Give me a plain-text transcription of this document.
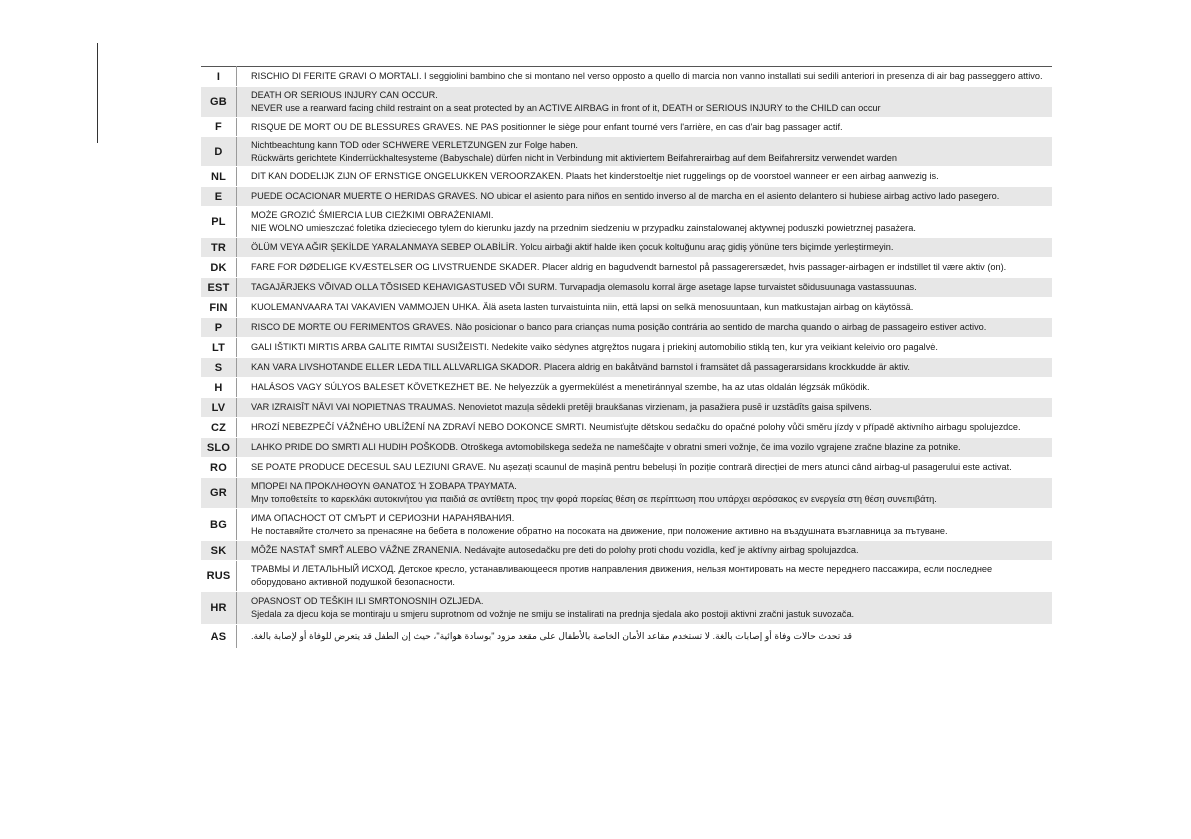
I	RISCHIO DI FERITE GRAVI O MORTALI. I seggiolini bambino che si montano nel verso opposto a quello di marcia non vanno installati sui sedili anteriori in presenza di air bag passeggero attivo.

GB	DEATH OR SERIOUS INJURY CAN OCCUR.
NEVER use a rearward facing child restraint on a seat protected by an ACTIVE AIRBAG in front of it, DEATH or SERIOUS INJURY to the CHILD can occur

F	RISQUE DE MORT OU DE BLESSURES GRAVES. NE PAS positionner le siège pour enfant tourné vers l'arrière, en cas d'air bag passager actif.

D	Nichtbeachtung kann TOD oder SCHWERE VERLETZUNGEN zur Folge haben.
Rückwärts gerichtete Kinderrückhaltesysteme (Babyschale) dürfen nicht in Verbindung mit aktiviertem Beifahrerairbag auf dem Beifahrersitz verwendet warden

NL	DIT KAN DODELIJK ZIJN OF ERNSTIGE ONGELUKKEN VEROORZAKEN. Plaats het kinderstoeltje niet ruggelings op de voorstoel wanneer er een airbag aanwezig is.

E	PUEDE OCACIONAR MUERTE O HERIDAS GRAVES. NO ubicar el asiento para niños en sentido inverso al de marcha en el asiento delantero si hubiese airbag activo lado pasegero.

PL	MOŻE GROZIĆ ŚMIERCIA LUB CIEŻKIMI OBRAŻENIAMI.
NIE WOLNO umieszczać foletika dzieciecego tylem do kierunku jazdy na przednim siedzeniu w przypadku zainstalowanej aktywnej poduszki powietrznej pasażera.

TR	ÖLÜM VEYA AĞIR ŞEKİLDE YARALANMAYA SEBEP OLABİLİR. Yolcu airbaği aktif halde iken çocuk koltuğunu araç gidiş yönüne ters biçimde yerleştirmeyin.

DK	FARE FOR DØDELIGE KVÆSTELSER OG LIVSTRUENDE SKADER. Placer aldrig en bagudvendt barnestol på passagerersædet, hvis passager-airbagen er indstillet til være aktiv (on).

EST	TAGAJÄRJEKS VÕIVAD OLLA TÕSISED KEHAVIGASTUSED VÕI SURM. Turvapadja olemasolu korral ärge asetage lapse turvaistet sõidusuunaga vastassuunas.

FIN	KUOLEMANVAARA TAI VAKAVIEN VAMMOJEN UHKA. Älä aseta lasten turvaistuinta niin, että lapsi on selkä menosuuntaan, kun matkustajan airbag on käytössä.

P	RISCO DE MORTE OU FERIMENTOS GRAVES. Não posicionar o banco para crianças numa posição contrária ao sentido de marcha quando o airbag de passageiro estiver activo.

LT	GALI IŠTIKTI MIRTIS ARBA GALITE RIMTAI SUSIŽEISTI. Nedekite vaiko sėdynes atgręžtos nugara į priekinį automobilio stiklą ten, kur yra veikiant keleivio oro pagalvė.

S	KAN VARA LIVSHOTANDE ELLER LEDA TILL ALLVARLIGA SKADOR. Placera aldrig en bakåtvänd barnstol i framsätet då passagerarsidans krockkudde är aktiv.

H	HALÁSOS VAGY SÚLYOS BALESET KÖVETKEZHET BE. Ne helyezzük a gyermekülést a menetiránnyal szembe, ha az utas oldalán légzsák működik.

LV	VAR IZRAISĪT NĀVI VAI NOPIETNAS TRAUMAS. Nenovietot mazuļa sēdekli pretēji braukšanas virzienam, ja pasažiera pusē ir uzstādīts gaisa spilvens.

CZ	HROZÍ NEBEZPEČÍ VÁŽNÉHO UBLÍŽENÍ NA ZDRAVÍ NEBO DOKONCE SMRTI. Neumisťujte dětskou sedačku do opačné polohy vůči směru jízdy v případě aktivního airbagu spolujezdce.

SLO	LAHKO PRIDE DO SMRTI ALI HUDIH POŠKODB. Otroškega avtomobilskega sedeža ne nameščajte v obratni smeri vožnje, če ima vozilo vgrajene zračne blazine za potnike.

RO	SE POATE PRODUCE DECESUL SAU LEZIUNI GRAVE. Nu așezați scaunul de mașină pentru bebeluși în poziție contrară direcției de mers atunci când airbag-ul pasagerului este activat.

GR	ΜΠΟΡΕΙ ΝΑ ΠΡΟΚΛΗΘΟΥΝ ΘΑΝΑΤΟΣ Ή ΣΟΒΑΡΑ ΤΡΑΥΜΑΤΑ.
Μην τοποθετείτε το καρεκλάκι αυτοκινήτου για παιδιά σε αντίθετη προς την φορά πορείας θέση σε περίπτωση που υπάρχει αερόσακος εν ενεργεία στη θέση συνεπιβάτη.

BG	ИМА ОПАСНОСТ ОТ СМЪРТ И СЕРИОЗНИ НАРАНЯВАНИЯ.
Не поставяйте столчето за пренасяне на бебета в положение обратно на посоката на движение, при положение активно на въздушната възглавница за пътуване.

SK	MÔŽE NASTAŤ SMRŤ ALEBO VÁŽNE ZRANENIA. Nedávajte autosedačku pre deti do polohy proti chodu vozidla, keď je aktívny airbag spolujazdca.

RUS	ТРАВМЫ И ЛЕТАЛЬНЫЙ ИСХОД. Детское кресло, устанавливающееся против направления движения, нельзя монтировать на месте переднего пассажира, если последнее
оборудовано активной подушкой безопасности.

HR	OPASNOST OD TEŠKIH ILI SMRTONOSNIH OZLJEDA.
Sjedala za djecu koja se montiraju u smjeru suprotnom od vožnje ne smiju se instalirati na prednja sjedala ako postoji aktivni zračni jastuk suvozača.

AS	قد تحدث حالات وفاة أو إصابات بالغة. لا تستخدم مقاعد الأمان الخاصة بالأطفال على مقعد مزود "بوسادة هوائية"، حيث إن الطفل قد يتعرض للوفاة أو لإصابة بالغة.
